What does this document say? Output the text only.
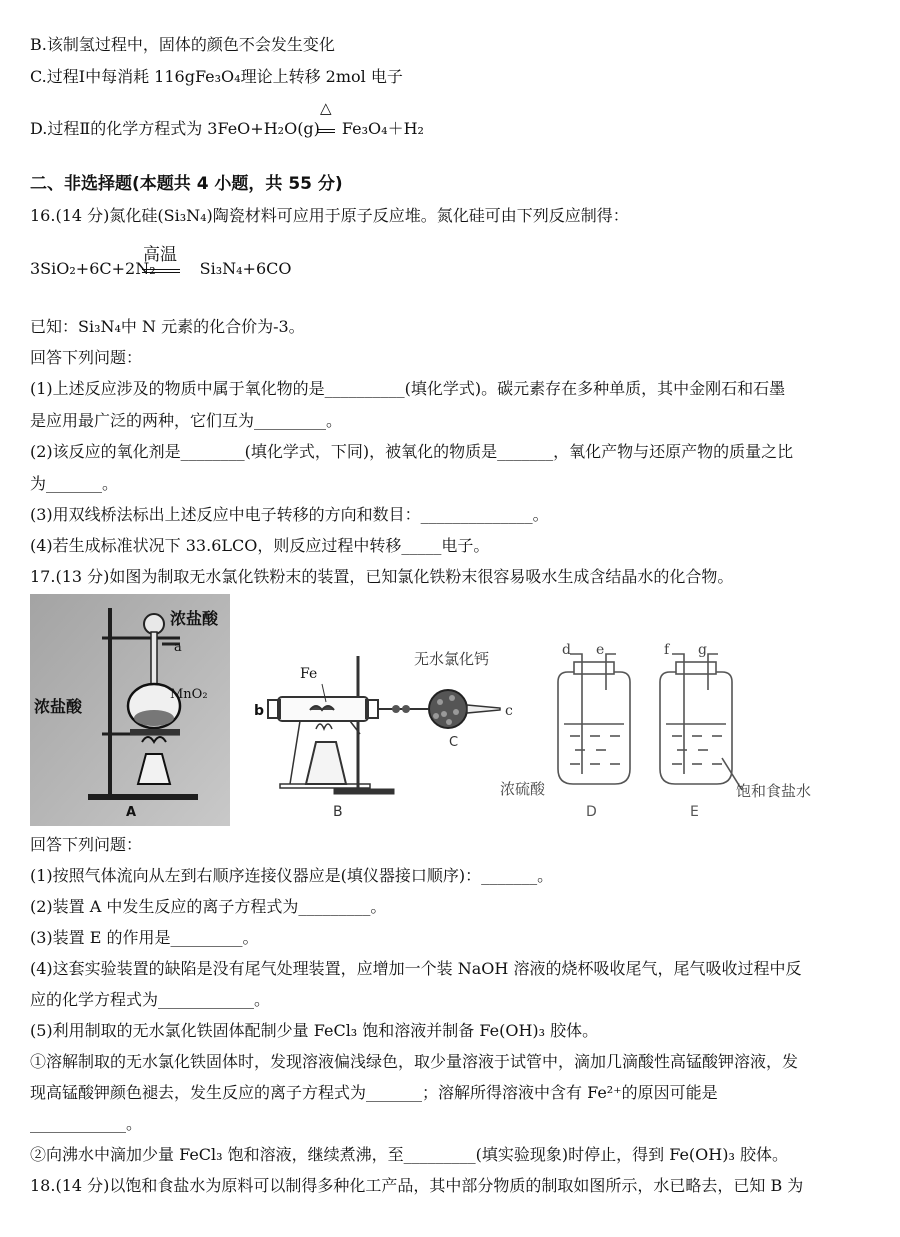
B.该制氢过程中，固体的颜色不会发生变化
C.过程Ⅰ中每消耗 116gFe₃O₄理论上转移 2mol 电子
D.过程Ⅱ的化学方程式为 3FeO+H₂O(g) Fe₃O₄＋H₂
△
二、非选择题(本题共 4 小题，共 55 分)
16.(14 分)氮化硅(Si₃N₄)陶瓷材料可应用于原子反应堆。氮化硅可由下列反应制得：
3SiO₂+6C+2N₂	Si₃N₄+6CO
高温
已知：Si₃N₄中 N 元素的化合价为-3。
回答下列问题：
(1)上述反应涉及的物质中属于氧化物的是__________(填化学式)。碳元素存在多种单质，其中金刚石和石墨
是应用最广泛的两种，它们互为_________。
(2)该反应的氧化剂是________(填化学式，下同)，被氧化的物质是_______，氧化产物与还原产物的质量之比
为_______。
(3)用双线桥法标出上述反应中电子转移的方向和数目：______________。
(4)若生成标准状况下 33.6LCO，则反应过程中转移_____电子。
17.(13 分)如图为制取无水氯化铁粉末的装置，已知氯化铁粉末很容易吸水生成含结晶水的化合物。
浓盐酸
a
浓盐酸
MnO₂
A
Fe
b
B
无水氯化钙
C
c
d e
浓硫酸
D
f g
饱和食盐水
E
回答下列问题：
(1)按照气体流向从左到右顺序连接仪器应是(填仪器接口顺序)：_______。
(2)装置 A 中发生反应的离子方程式为_________。
(3)装置 E 的作用是_________。
(4)这套实验装置的缺陷是没有尾气处理装置，应增加一个装 NaOH 溶液的烧杯吸收尾气，尾气吸收过程中反
应的化学方程式为____________。
(5)利用制取的无水氯化铁固体配制少量 FeCl₃ 饱和溶液并制备 Fe(OH)₃ 胶体。
①溶解制取的无水氯化铁固体时，发现溶液偏浅绿色，取少量溶液于试管中，滴加几滴酸性高锰酸钾溶液，发
现高锰酸钾颜色褪去，发生反应的离子方程式为_______；溶解所得溶液中含有 Fe²⁺的原因可能是
____________。
②向沸水中滴加少量 FeCl₃ 饱和溶液，继续煮沸，至_________(填实验现象)时停止，得到 Fe(OH)₃ 胶体。
18.(14 分)以饱和食盐水为原料可以制得多种化工产品，其中部分物质的制取如图所示，水已略去，已知 B 为
